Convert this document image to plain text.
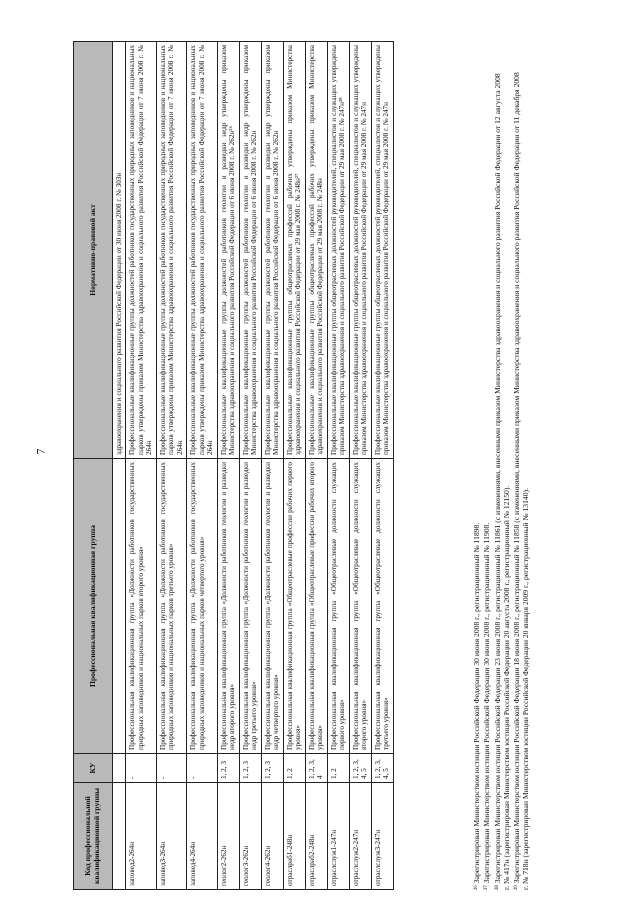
7
Код профессиональной квалификационной группы	КУ	Профессиональная квалификационная группа	Нормативно-правовой акт
			здравоохранения и социального развития Российской Федерации от 30 июня 2008 г. № 303н
заповед2-264н	-	Профессиональная квалификационная группа «Должности работников государственных природных заповедников и национальных парков второго уровня»	Профессиональные квалификационные группы должностей работников государственных природных заповедников и национальных парков утверждены приказом Министерства здравоохранения и социального развития Российской Федерации от 7 июня 2008 г. № 264н
заповед3-264н	-	Профессиональная квалификационная группа «Должности работников государственных природных заповедников и национальных парков третьего уровня»	Профессиональные квалификационные группы должностей работников государственных природных заповедников и национальных парков утверждены приказом Министерства здравоохранения и социального развития Российской Федерации от 7 июня 2008 г. № 264н
заповед4-264н	-	Профессиональная квалификационная группа «Должности работников государственных природных заповедников и национальных парков четвертого уровня»	Профессиональные квалификационные группы должностей работников государственных природных заповедников и национальных парков утверждены приказом Министерства здравоохранения и социального развития Российской Федерации от 7 июня 2008 г. № 264н
геолог2-262н	1, 2, 3	Профессиональная квалификационная группа «Должности работников геологии и разведки недр второго уровня»	Профессиональные квалификационные группы должностей работников геологии и разведки недр утверждены приказом Министерства здравоохранения и социального развития Российской Федерации от 6 июня 2008 г. № 262н²⁶
геолог3-262н	1, 2, 3	Профессиональная квалификационная группа «Должности работников геологии и разведки недр третьего уровня»	Профессиональные квалификационные группы должностей работников геологии и разведки недр утверждены приказом Министерства здравоохранения и социального развития Российской Федерации от 6 июня 2008 г. № 262н
геолог4-262н	1, 2, 3	Профессиональная квалификационная группа «Должности работников геологии и разведки недр четвертого уровня»	Профессиональные квалификационные группы должностей работников геологии и разведки недр утверждены приказом Министерства здравоохранения и социального развития Российской Федерации от 6 июня 2008 г. № 262н
отраслраб1-248н	1, 2	Профессиональная квалификационная группа «Общеотраслевые профессии рабочих первого уровня»	Профессиональные квалификационные группы общеотраслевых профессий рабочих утверждены приказом Министерства здравоохранения и социального развития Российской Федерации от 29 мая 2008 г. № 248н²⁷
отраслраб2-248н	1, 2, 3, 4	Профессиональная квалификационная группа «Общеотраслевые профессии рабочих второго уровня»	Профессиональные квалификационные группы общеотраслевых профессий рабочих утверждены приказом Министерства здравоохранения и социального развития Российской Федерации от 29 мая 2008 г. № 248н
отраслслуж1-247н	1, 2	Профессиональная квалификационная группа «Общеотраслевые должности служащих первого уровня»	Профессиональные квалификационные группы общеотраслевых должностей руководителей, специалистов и служащих утверждены приказом Министерства здравоохранения и социального развития Российской Федерации от 29 мая 2008 г. № 247н²⁸
отраслслуж2-247н	1, 2, 3, 4, 5	Профессиональная квалификационная группа «Общеотраслевые должности служащих второго уровня»	Профессиональные квалификационные группы общеотраслевых должностей руководителей, специалистов и служащих утверждены приказом Министерства здравоохранения и социального развития Российской Федерации от 29 мая 2008 г. № 247н
отраслслуж3-247н	1, 2, 3, 4, 5	Профессиональная квалификационная группа «Общеотраслевые должности служащих третьего уровня»	Профессиональные квалификационные группы общеотраслевых должностей руководителей, специалистов и служащих утверждены приказом Министерства здравоохранения и социального развития Российской Федерации от 29 мая 2008 г. № 247н
²⁶ Зарегистрирован Министерством юстиции Российской Федерации 30 июня 2008 г., регистрационный № 11898. ²⁷ Зарегистрирован Министерством юстиции Российской Федерации 30 июня 2008 г., регистрационный № 11908. ²⁸ Зарегистрирован Министерством юстиции Российской Федерации 23 июня 2008 г., регистрационный № 11861 (с изменениями, внесенными приказом Министерства здравоохранения и социального развития Российской Федерации от 12 августа 2008 г. № 417н (зарегистрирован Министерством юстиции Российской Федерации 20 августа 2008 г., регистрационный № 12150). ²⁹ Зарегистрирован Министерством юстиции Российской Федерации 18 июня 2008 г., регистрационный № 11858 (с изменениями, внесенными приказом Министерства здравоохранения и социального развития Российской Федерации от 11 декабря 2008 г. № 718н (зарегистрирован Министерством юстиции Российской Федерации 20 января 2009 г., регистрационный № 13140).
